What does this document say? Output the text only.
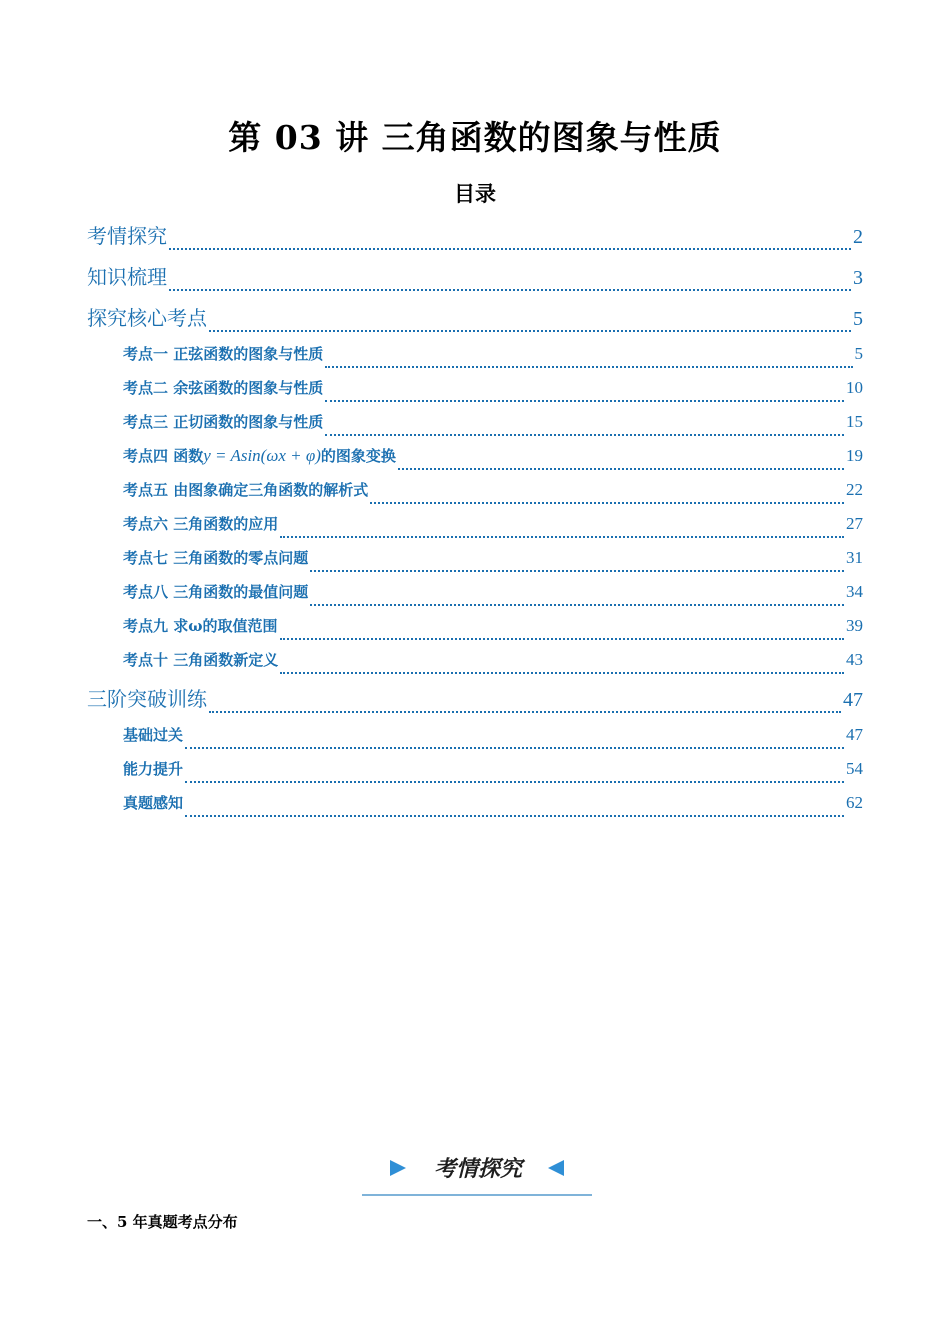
第 03 讲 三角函数的图象与性质
目录
考情探究	2
知识梳理	3
探究核心考点	5
考点一 正弦函数的图象与性质	5
考点二 余弦函数的图象与性质	10
考点三 正切函数的图象与性质	15
考点四 函数y = Asin(ωx + φ)的图象变换	19
考点五 由图象确定三角函数的解析式	22
考点六 三角函数的应用	27
考点七 三角函数的零点问题	31
考点八 三角函数的最值问题	34
考点九 求ω的取值范围	39
考点十 三角函数新定义	43
三阶突破训练	47
基础过关	47
能力提升	54
真题感知	62
考情探究
一、5 年真题考点分布
